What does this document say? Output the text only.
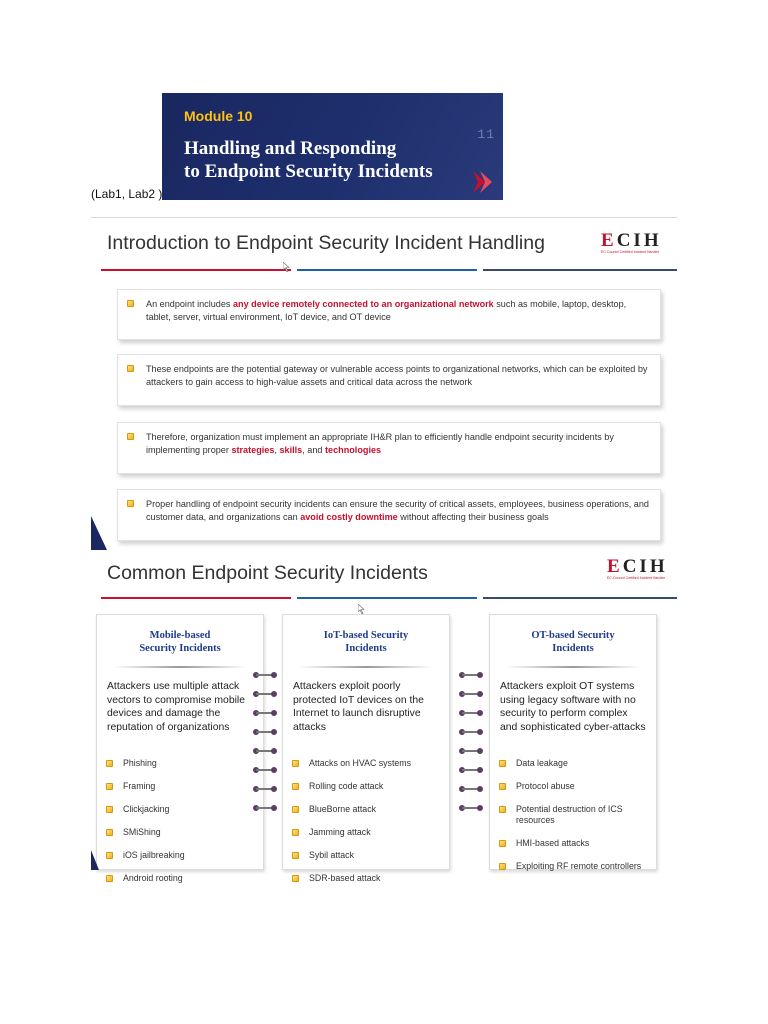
11
Module 10
Handling and Responding
to Endpoint Security Incidents
(Lab1, Lab2 )
Introduction to Endpoint Security Incident Handling	ECIH
EC-Council Certified Incident Handler
An endpoint includes any device remotely connected to an organizational network such as mobile, laptop, desktop, tablet, server, virtual environment, IoT device, and OT device
These endpoints are the potential gateway or vulnerable access points to organizational networks, which can be exploited by attackers to gain access to high-value assets and critical data across the network
Therefore, organization must implement an appropriate IH&R plan to efficiently handle endpoint security incidents by implementing proper strategies, skills, and technologies
Proper handling of endpoint security incidents can ensure the security of critical assets, employees, business operations, and customer data, and organizations can avoid costly downtime without affecting their business goals
Common Endpoint Security Incidents	ECIH
EC-Council Certified Incident Handler
Mobile-based
Security Incidents
Attackers use multiple attack vectors to compromise mobile devices and damage the reputation of organizations
Phishing
Framing
Clickjacking
SMiShing
iOS jailbreaking
Android rooting
IoT-based Security
Incidents
Attackers exploit poorly protected IoT devices on the Internet to launch disruptive attacks
Attacks on HVAC systems
Rolling code attack
BlueBorne attack
Jamming attack
Sybil attack
SDR-based attack
OT-based Security
Incidents
Attackers exploit OT systems using legacy software with no security to perform complex and sophisticated cyber-attacks
Data leakage
Protocol abuse
Potential destruction of ICS resources
HMI-based attacks
Exploiting RF remote controllers
